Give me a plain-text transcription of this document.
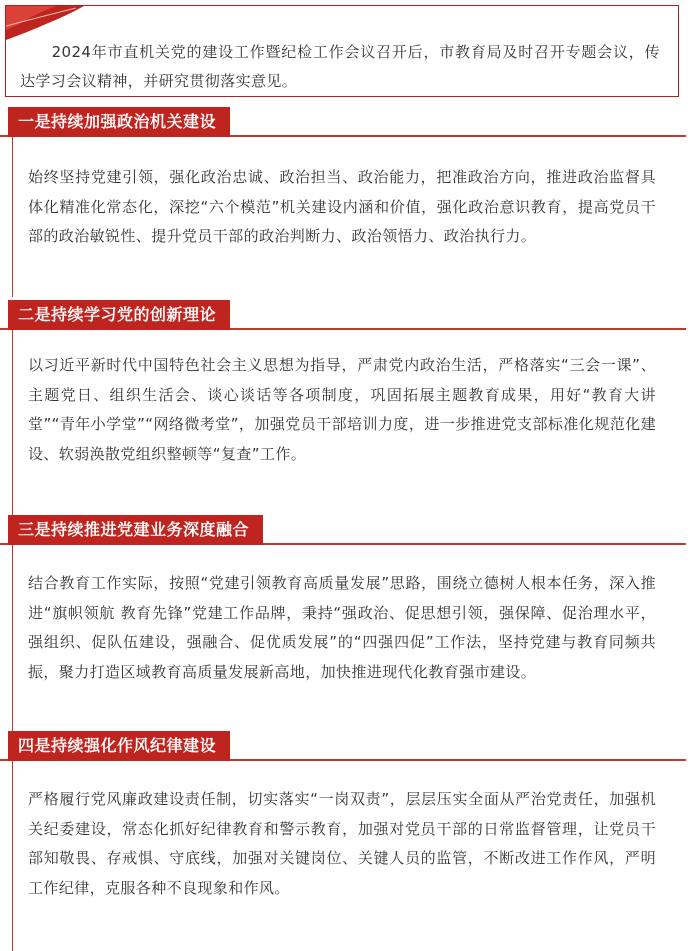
　　2024年市直机关党的建设工作暨纪检工作会议召开后，市教育局及时召开专题会议，传达学习会议精神，并研究贯彻落实意见。
一是持续加强政治机关建设
始终坚持党建引领，强化政治忠诚、政治担当、政治能力，把准政治方向，推进政治监督具体化精准化常态化，深挖“六个模范”机关建设内涵和价值，强化政治意识教育，提高党员干部的政治敏锐性、提升党员干部的政治判断力、政治领悟力、政治执行力。
二是持续学习党的创新理论
以习近平新时代中国特色社会主义思想为指导，严肃党内政治生活，严格落实“三会一课”、主题党日、组织生活会、谈心谈话等各项制度，巩固拓展主题教育成果，用好“教育大讲堂”“青年小学堂”“网络微考堂”，加强党员干部培训力度，进一步推进党支部标准化规范化建设、软弱涣散党组织整顿等“复查”工作。
三是持续推进党建业务深度融合
结合教育工作实际，按照“党建引领教育高质量发展”思路，围绕立德树人根本任务，深入推进“旗帜领航 教育先锋”党建工作品牌，秉持“强政治、促思想引领，强保障、促治理水平，强组织、促队伍建设，强融合、促优质发展”的“四强四促”工作法，坚持党建与教育同频共振，聚力打造区域教育高质量发展新高地，加快推进现代化教育强市建设。
四是持续强化作风纪律建设
严格履行党风廉政建设责任制，切实落实“一岗双责”，层层压实全面从严治党责任，加强机关纪委建设，常态化抓好纪律教育和警示教育，加强对党员干部的日常监督管理，让党员干部知敬畏、存戒惧、守底线，加强对关键岗位、关键人员的监管，不断改进工作作风，严明工作纪律，克服各种不良现象和作风。
